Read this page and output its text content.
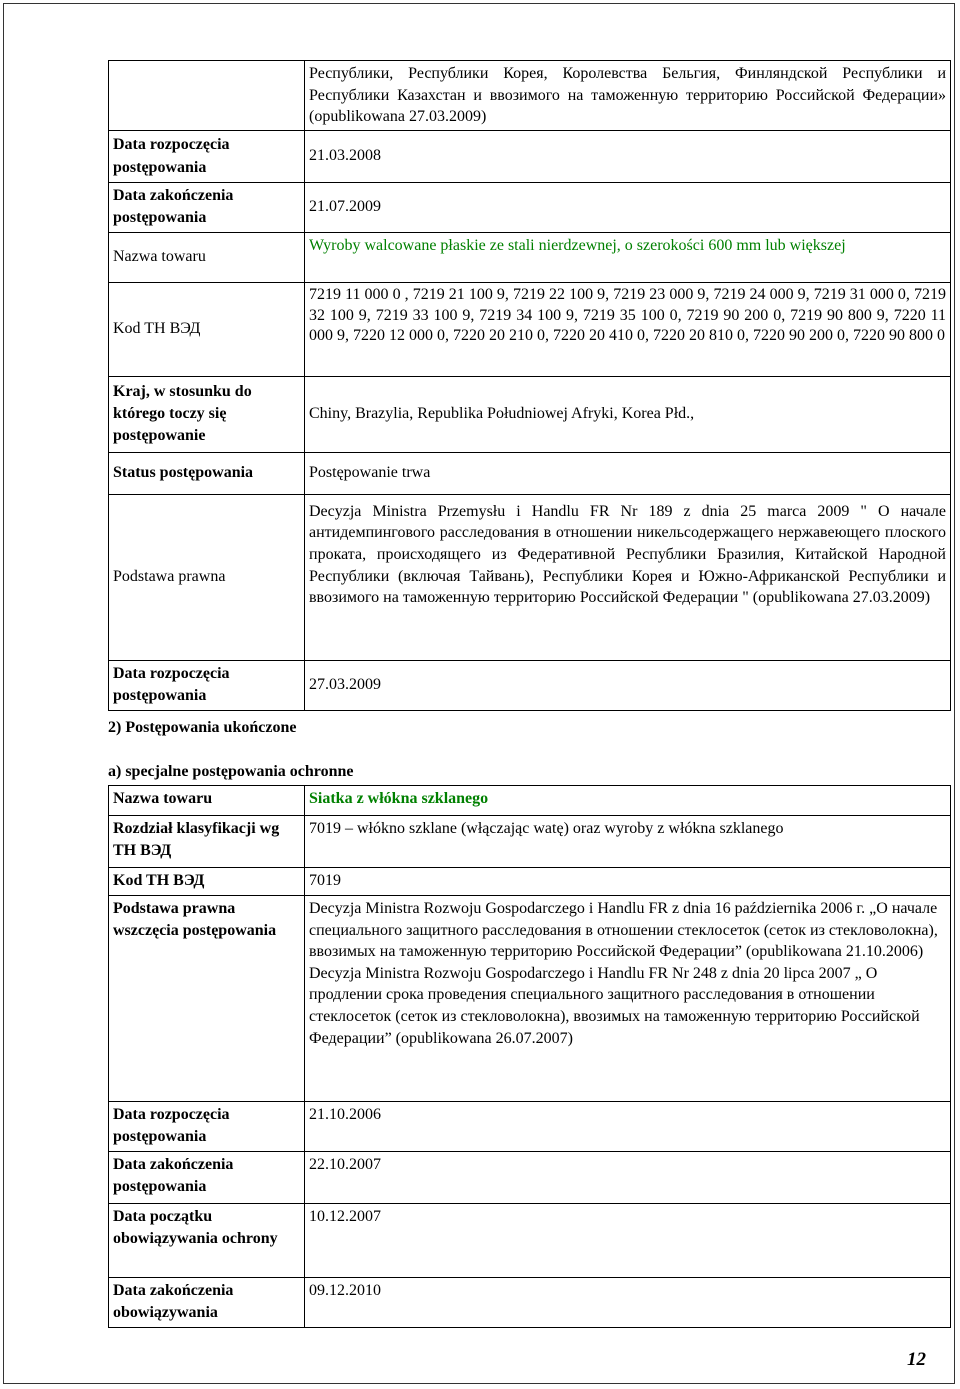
	Республики, Республики Корея, Королевства Бельгия, Финляндской Республики и Республики Казахстан и ввозимого на таможенную территорию Российской Федерации» (opublikowana 27.03.2009)
Data rozpoczęcia postępowania	21.03.2008
Data zakończenia postępowania	21.07.2009
Nazwa towaru	Wyroby walcowane płaskie ze stali nierdzewnej, o szerokości 600 mm lub większej
Kod TH ВЭД	7219 11 000 0 , 7219 21 100 9, 7219 22 100 9, 7219 23 000 9, 7219 24 000 9, 7219 31 000 0, 7219 32 100 9, 7219 33 100 9, 7219 34 100 9, 7219 35 100 0, 7219 90 200 0, 7219 90 800 9, 7220 11 000 9, 7220 12 000 0, 7220 20 210 0, 7220 20 410 0, 7220 20 810 0, 7220 90 200 0, 7220 90 800 0
Kraj, w stosunku do którego toczy się postępowanie	Chiny, Brazylia, Republika Południowej Afryki, Korea Płd.,
Status postępowania	Postępowanie trwa
Podstawa prawna	Decyzja Ministra Przemysłu i Handlu FR Nr 189 z dnia 25 marca 2009 " О начале антидемпингового расследования в отношении никельсодержащего нержавеющего плоского проката, происходящего из Федеративной Республики Бразилия, Китайской Народной Республики (включая Тайвань), Республики Корея и Южно-Африканской Республики и ввозимого на таможенную территорию Российской Федерации " (opublikowana 27.03.2009)
Data rozpoczęcia postępowania	27.03.2009
2) Postępowania ukończone
a) specjalne postępowania ochronne
Nazwa towaru	Siatka z włókna szklanego
Rozdział klasyfikacji wg TH ВЭД	7019 – włókno szklane (włączając watę) oraz wyroby z włókna szklanego
Kod TH ВЭД	7019
Podstawa prawna wszczęcia postępowania	Decyzja Ministra Rozwoju Gospodarczego i Handlu FR z dnia 16 października 2006 г. „О начале специального защитного расследования в отношении стеклосеток (сеток из стекловолокна), ввозимых на таможенную территорию Российской Федерации” (opublikowana 21.10.2006)
Decyzja Ministra Rozwoju Gospodarczego i Handlu FR Nr 248 z dnia 20 lipca 2007 „ О продлении срока проведения специального защитного расследования в отношении стеклосеток (сеток из стекловолокна), ввозимых на таможенную территорию Российской Федерации” (opublikowana 26.07.2007)

Data rozpoczęcia postępowania	21.10.2006
Data zakończenia postępowania	22.10.2007
Data początku obowiązywania ochrony	10.12.2007
Data zakończenia obowiązywania	09.12.2010
12
